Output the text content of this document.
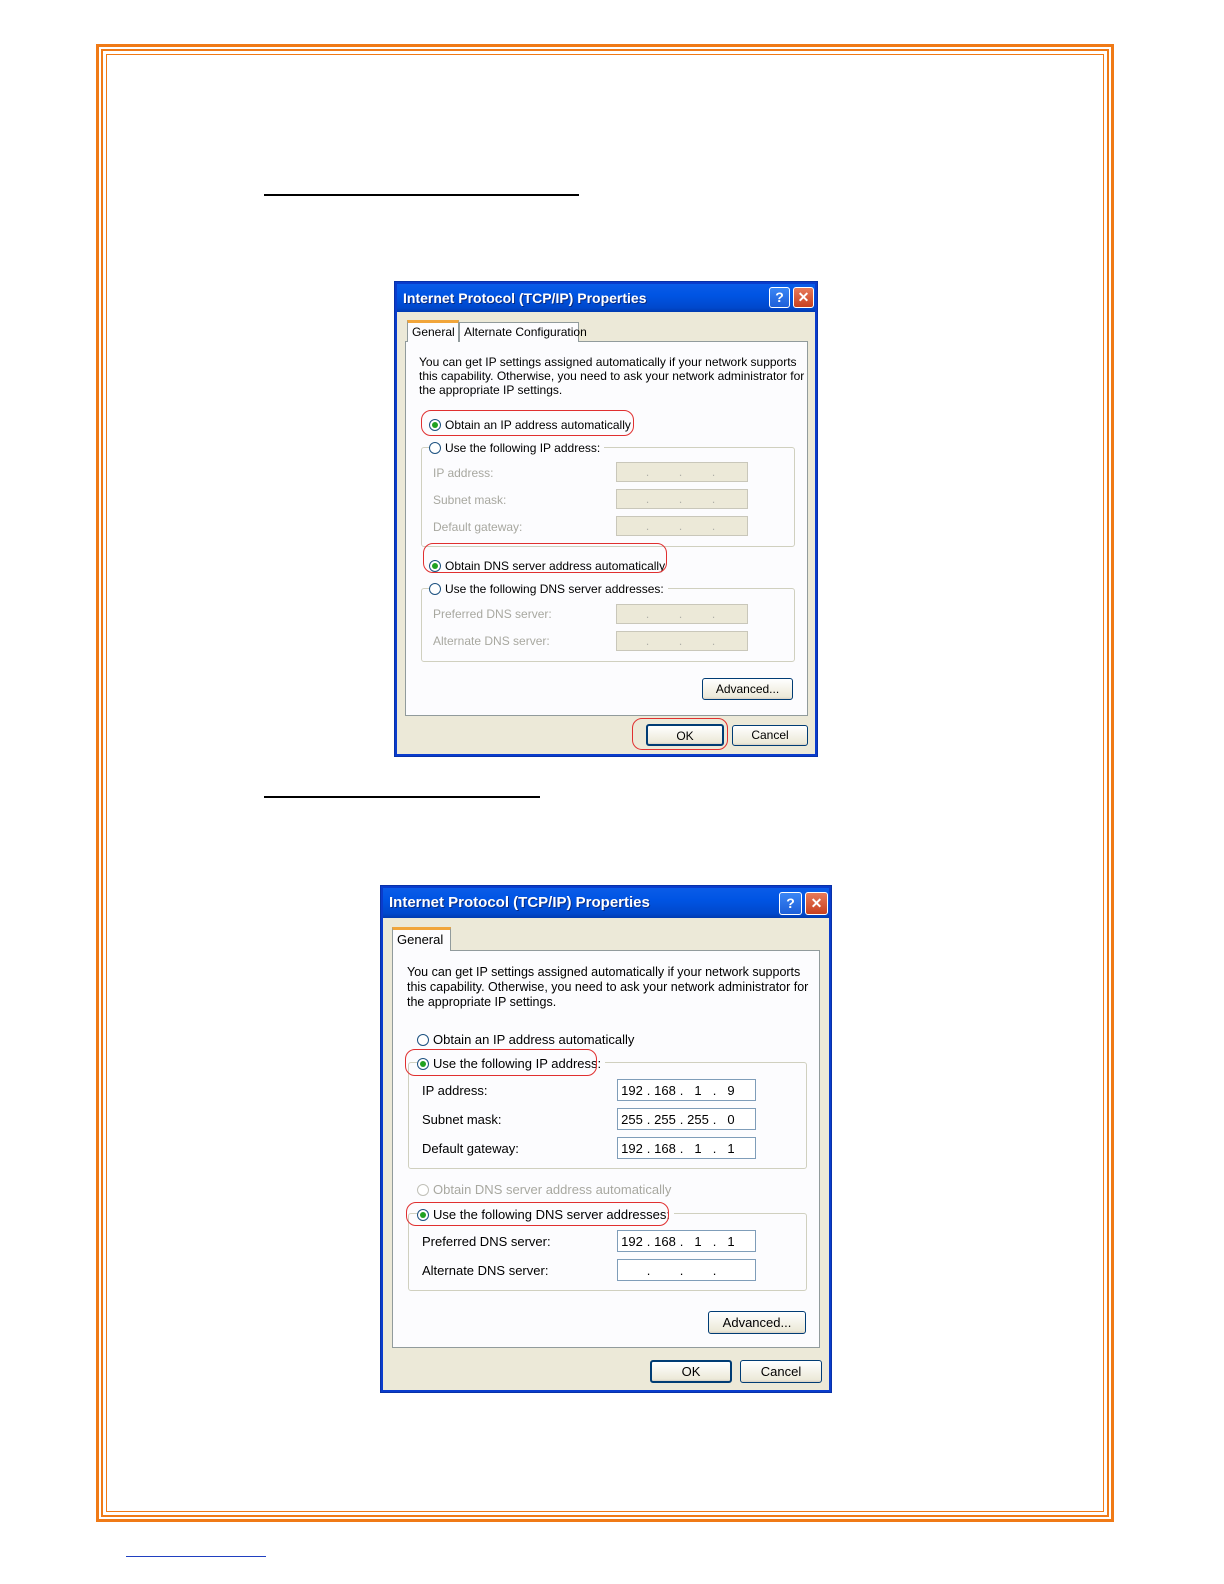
Internet Protocol (TCP/IP) Properties	? ✕
General Alternate Configuration
You can get IP settings assigned automatically if your network supports
this capability. Otherwise, you need to ask your network administrator for
the appropriate IP settings.
Obtain an IP address automatically
Use the following IP address:
IP address:	. . .
Subnet mask:	. . .
Default gateway:	. . .
Obtain DNS server address automatically
Use the following DNS server addresses:
Preferred DNS server:	. . .
Alternate DNS server:	. . .
Advanced...
OK	Cancel
Internet Protocol (TCP/IP) Properties	?	✕
General
You can get IP settings assigned automatically if your network supports
this capability. Otherwise, you need to ask your network administrator for
the appropriate IP settings.
Obtain an IP address automatically
Use the following IP address:
IP address:	192 . 168 . 1 . 9
Subnet mask:	255 . 255 . 255 . 0
Default gateway:	192 . 168 . 1 . 1
Obtain DNS server address automatically
Use the following DNS server addresses:
Preferred DNS server:	192 . 168 . 1 . 1
Alternate DNS server:	. . .
Advanced...
OK	Cancel
